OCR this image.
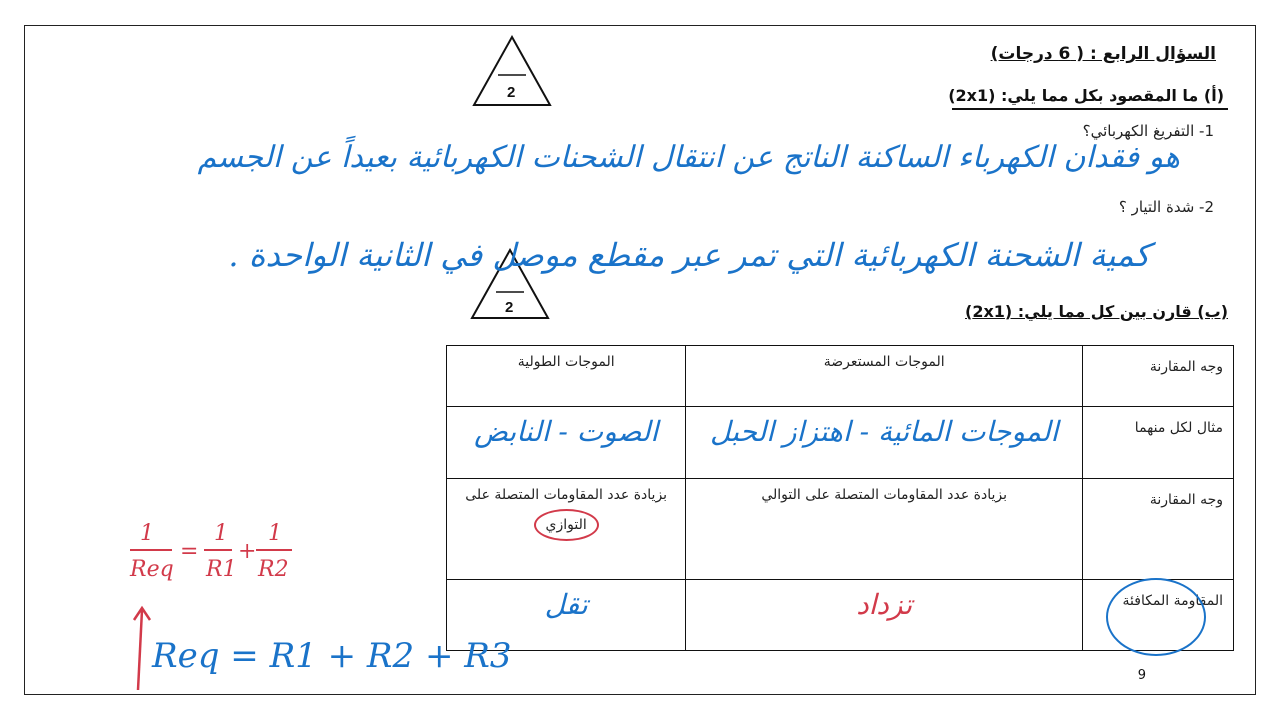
2
2
السؤال الرابع : ( 6 درجات)
(أ) ما المقصود بكل مما يلي: (2x1)
1- التفريغ الكهربائي؟
هو فقدان الكهرباء الساكنة الناتج عن انتقال الشحنات الكهربائية بعيداً عن الجسم
2- شدة التيار ؟
كمية الشحنة الكهربائية التي تمر عبر مقطع موصل في الثانية الواحدة .
(ب) قارن بين كل مما يلي: (2x1)
وجه المقارنة	الموجات المستعرضة	الموجات الطولية
مثال لكل منهما	الموجات المائية - اهتزاز الحبل	الصوت - النابض
وجه المقارنة	بزيادة عدد المقاومات المتصلة على التوالي	بزيادة عدد المقاومات المتصلة على
التوازي

المقاومة المكافئة	تزداد	تقل
1
Req
=
1
R1
+
1
R2
Req = R1 + R2 + R3	9
